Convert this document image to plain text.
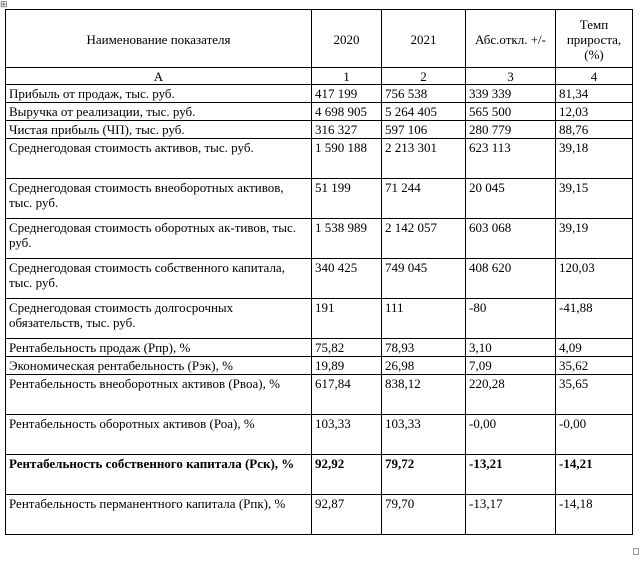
⊞
Наименование показателя	2020	2021	Абс.откл. +/-	Темп прироста, (%)
А	1	2	3	4
Прибыль от продаж, тыс. руб.	417 199	756 538	339 339	81,34
Выручка от реализации, тыс. руб.	4 698 905	5 264 405	565 500	12,03
Чистая прибыль (ЧП), тыс. руб.	316 327	597 106	280 779	88,76
Среднегодовая стоимость активов, тыс. руб.	1 590 188	2 213 301	623 113	39,18
Среднегодовая стоимость внеоборотных активов, тыс. руб.	51 199	71 244	20 045	39,15
Среднегодовая стоимость оборотных ак-тивов, тыс. руб.	1 538 989	2 142 057	603 068	39,19
Среднегодовая стоимость собственного капитала, тыс. руб.	340 425	749 045	408 620	120,03
Среднегодовая стоимость долгосрочных обязательств, тыс. руб.	191	111	-80	-41,88
Рентабельность продаж (Рпр), %	75,82	78,93	3,10	4,09
Экономическая рентабельность (Рэк), %	19,89	26,98	7,09	35,62
Рентабельность внеоборотных активов (Рвоа), %	617,84	838,12	220,28	35,65
Рентабельность оборотных активов (Роа), %	103,33	103,33	-0,00	-0,00
Рентабельность собственного капитала (Рск), %	92,92	79,72	-13,21	-14,21
Рентабельность перманентного капитала (Рпк), %	92,87	79,70	-13,17	-14,18
